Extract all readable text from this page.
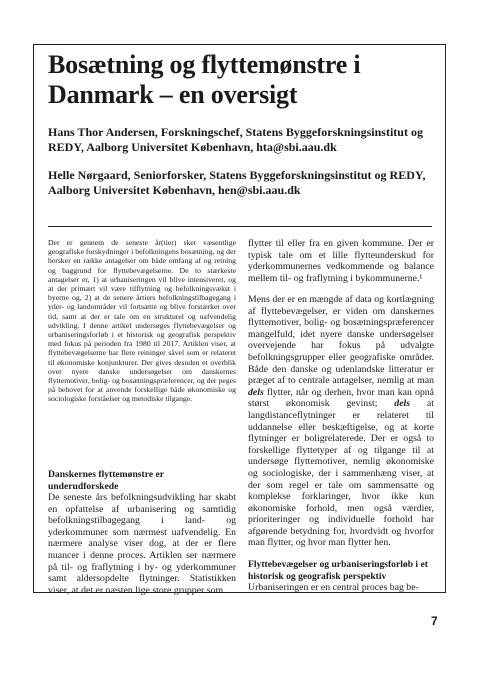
Bosætning og flyttemønstre i Danmark – en oversigt

Hans Thor Andersen, Forskningschef, Statens Byggeforskningsinstitut og REDY, Aalborg Universitet København, hta@sbi.aau.dk

Helle Nørgaard, Seniorforsker, Statens Byggeforskningsinstitut og REDY, Aalborg Universitet København, hen@sbi.aau.dk

Der er gennem de seneste år(tier) sket væsentlige geografiske forskydninger i befolkningens bosætning, og der hersker en række antagelser om både omfang af og retning og baggrund for flyttebevægelserne. De to stærkeste antagelser er, 1) at urbaniseringen vil blive intensiveret, og at der primært vil være tilflytning og befolkningsvækst i byerne og, 2) at de senere årtiers befolkningstilbagegang i yder- og landområder vil fortsætte og blive forstærket over tid, samt at der er tale om en strukturel og uafvendelig udvikling. I denne artikel undersøges flyttebevægelser og urbaniseringsforløb i et historisk og geografisk perspektiv med fokus på perioden fra 1980 til 2017. Artiklen viser, at flyttebevægelserne har flere reininger såvel som er relateret til økonomiske konjunkturer. Der gives desuden et overblik over nyere danske undersøgelser om danskernes flyttemotiver, bolig- og bosætningspræferencer, og der peges på behovet for at anvende forskellige både økonomiske og sociologiske forståelser og metodiske tilgange.

Danskernes flyttemønstre er underudforskede

De seneste års befolkningsudvikling har skabt en opfattelse af urbanisering og samtidig befolkningstilbagegang i land- og yderkommuner som nærmest uafvendelig. En nærmere analyse viser dog, at der er flere nuancer i denne proces. Artiklen ser nærmere på til- og fraflytning i by- og yderkommuner samt aldersopdelte flytninger. Statistikken viser, at det er næsten lige store grupper som

flytter til eller fra en given kommune. Der er typisk tale om et lille flytteunderskud for yderkommunernes vedkommende og balance mellem til- og fraflytning i bykommunerne.¹

Mens der er en mængde af data og kortlægning af flyttebevægelser, er viden om danskernes flyttemotiver, bolig- og bosætningspræferencer mangelfuld, idet nyere danske undersøgelser overvejende har fokus på udvalgte befolkningsgrupper eller geografiske områder. Både den danske og udenlandske litteratur er præget af to centrale antagelser, nemlig at man dels flytter, når og derhen, hvor man kan opnå størst økonomisk gevinst; dels at langdistanceflytninger er relateret til uddannelse eller beskæftigelse, og at korte flytninger er boligrelaterede. Der er også to forskellige flyttetyper af og tilgange til at undersøge flyttemotiver, nemlig økonomiske og sociologiske, der i sammenhæng viser, at der som regel er tale om sammensatte og komplekse forklaringer, hvor ikke kun økonomiske forhold, men også værdier, prioriteringer og individuelle forhold har afgørende betydning for, hvordvidt og hvorfor man flytter, og hvor man flytter hen.

Flyttebevægelser og urbaniseringsforløb i et historisk og geografisk perspektiv

Urbaniseringen er en central proces bag be-

7
